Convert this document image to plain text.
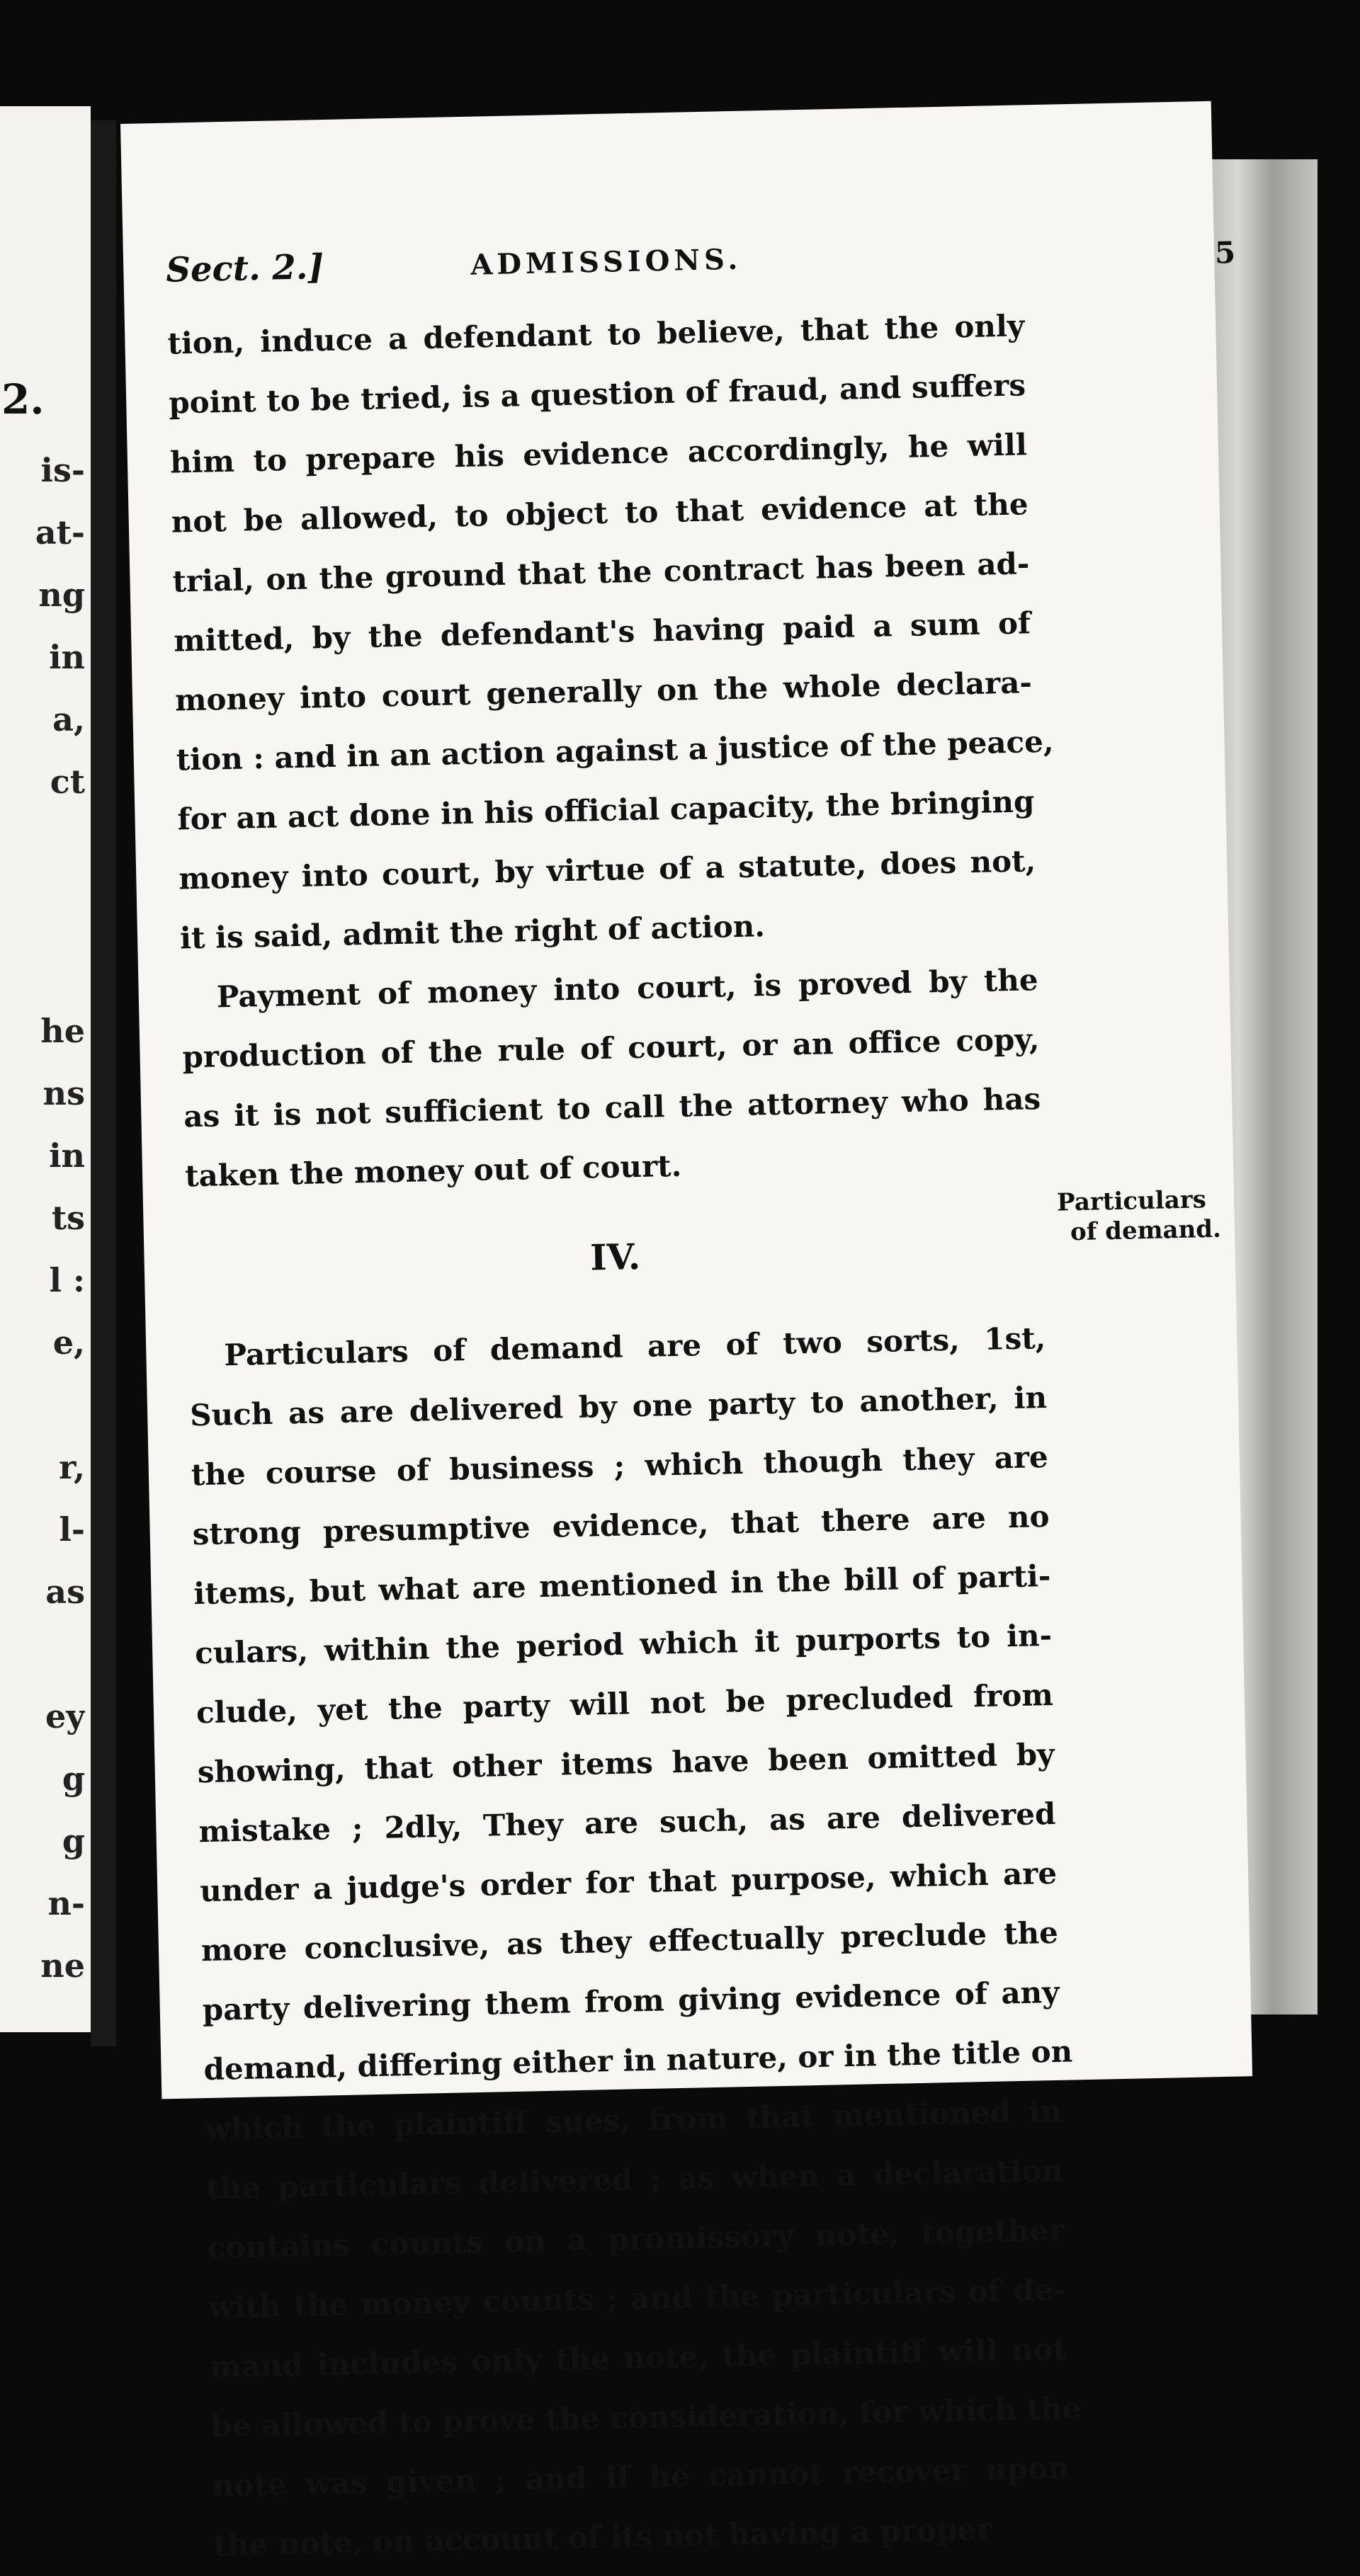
2.
is-
at-
ng
in
a,
ct
he
ns
in
ts
l :
e,
r,
l-
as
ey
g
g
n-
ne
Sect. 2.]	ADMISSIONS.	5
tion, induce a defendant to believe, that the only
point to be tried, is a question of fraud, and suffers
him to prepare his evidence accordingly, he will
not be allowed, to object to that evidence at the
trial, on the ground that the contract has been ad-
mitted, by the defendant's having paid a sum of
money into court generally on the whole declara-
tion : and in an action against a justice of the peace,
for an act done in his official capacity, the bringing
money into court, by virtue of a statute, does not,
it is said, admit the right of action.
Payment of money into court, is proved by the
production of the rule of court, or an office copy,
as it is not sufficient to call the attorney who has
taken the money out of court.
IV.
Particulars of demand are of two sorts, 1st,
Such as are delivered by one party to another, in
the course of business ; which though they are
strong presumptive evidence, that there are no
items, but what are mentioned in the bill of parti-
culars, within the period which it purports to in-
clude, yet the party will not be precluded from
showing, that other items have been omitted by
mistake ; 2dly, They are such, as are delivered
under a judge's order for that purpose, which are
more conclusive, as they effectually preclude the
party delivering them from giving evidence of any
demand, differing either in nature, or in the title on
which the plaintiff sues, from that mentioned in
the particulars delivered ; as when a declaration
contains counts on a promissory note, together
with the money counts ; and the particulars of de-
mand includes only the note, the plaintiff will not
be allowed to prove the consideration, for which the
note was given ; and if he cannot recover upon
the note, on account of its not having a proper
Particulars
of demand.
